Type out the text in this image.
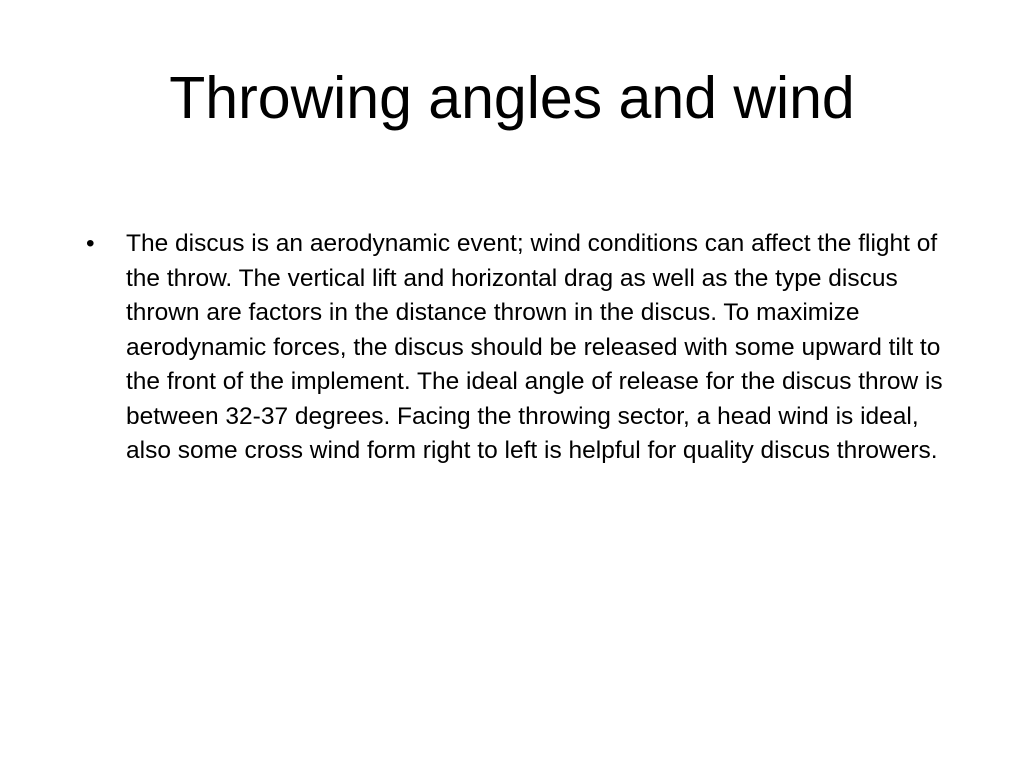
Throwing angles and wind
• The discus is an aerodynamic event; wind conditions can affect the flight of the throw. The vertical lift and horizontal drag as well as the type discus thrown are factors in the distance thrown in the discus. To maximize aerodynamic forces, the discus should be released with some upward tilt to the front of the implement. The ideal angle of release for the discus throw is between 32-37 degrees. Facing the throwing sector, a head wind is ideal, also some cross wind form right to left is helpful for quality discus throwers.
